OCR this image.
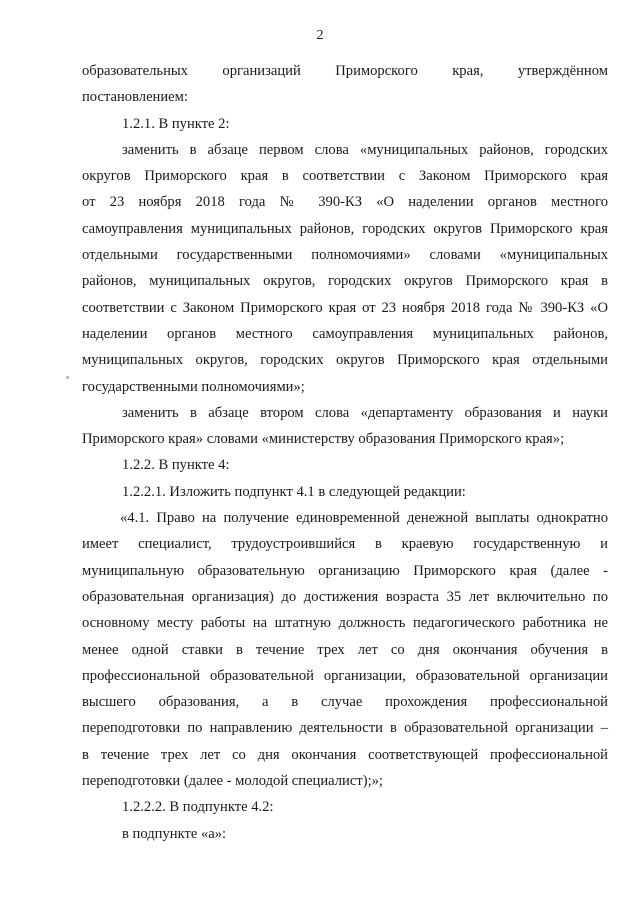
2

образовательных организаций Приморского края, утверждённом

постановлением:

1.2.1. В пункте 2:

заменить в абзаце первом слова «муниципальных районов, городских

округов Приморского края в соответствии с Законом Приморского края

от 23 ноября 2018 года № 390-КЗ «О наделении органов местного

самоуправления муниципальных районов, городских округов Приморского края

отдельными государственными полномочиями» словами «муниципальных

районов, муниципальных округов, городских округов Приморского края в

соответствии с Законом Приморского края от 23 ноября 2018 года № 390-КЗ «О

наделении органов местного самоуправления муниципальных районов,

муниципальных округов, городских округов Приморского края отдельными

государственными полномочиями»;

заменить в абзаце втором слова «департаменту образования и науки

Приморского края» словами «министерству образования Приморского края»;

1.2.2. В пункте 4:

1.2.2.1. Изложить подпункт 4.1 в следующей редакции:

«4.1. Право на получение единовременной денежной выплаты однократно

имеет специалист, трудоустроившийся в краевую государственную и

муниципальную образовательную организацию Приморского края (далее -

образовательная организация) до достижения возраста 35 лет включительно по

основному месту работы на штатную должность педагогического работника не

менее одной ставки в течение трех лет со дня окончания обучения в

профессиональной образовательной организации, образовательной организации

высшего образования, а в случае прохождения профессиональной

переподготовки по направлению деятельности в образовательной организации –

в течение трех лет со дня окончания соответствующей профессиональной

переподготовки (далее - молодой специалист);»;

1.2.2.2. В подпункте 4.2:

в подпункте «а»:
